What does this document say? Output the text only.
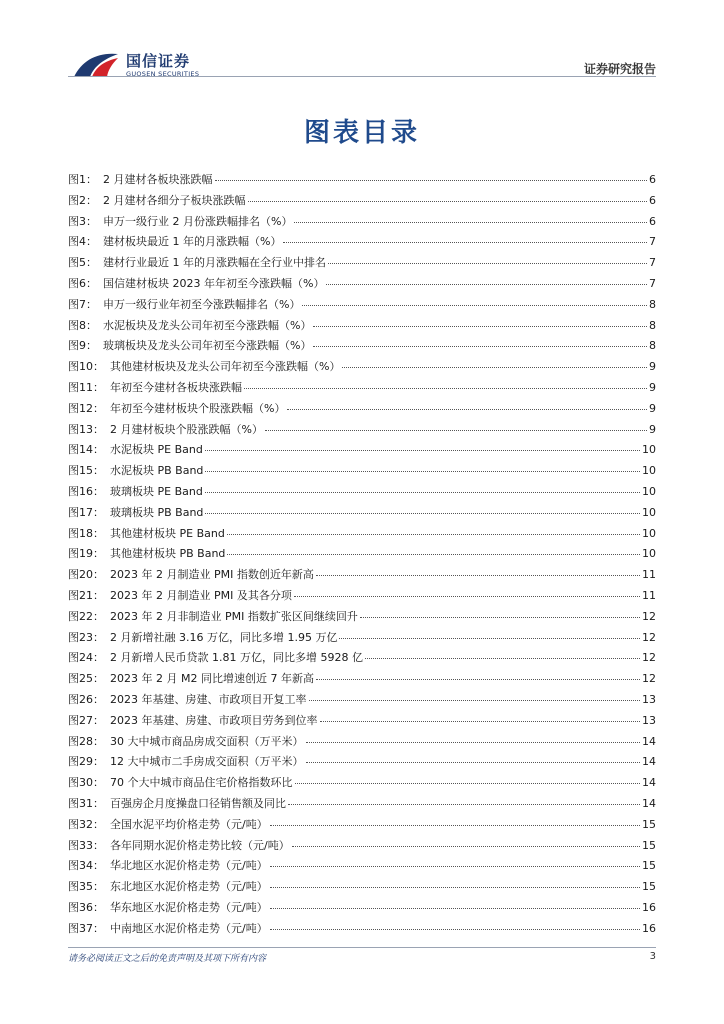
国信证券
GUOSEN SECURITIES	证券研究报告
图表目录
图1： 2 月建材各板块涨跌幅	6
图2： 2 月建材各细分子板块涨跌幅	6
图3： 申万一级行业 2 月份涨跌幅排名（%）	6
图4： 建材板块最近 1 年的月涨跌幅（%）	7
图5： 建材行业最近 1 年的月涨跌幅在全行业中排名	7
图6： 国信建材板块 2023 年年初至今涨跌幅（%）	7
图7： 申万一级行业年初至今涨跌幅排名（%）	8
图8： 水泥板块及龙头公司年初至今涨跌幅（%）	8
图9： 玻璃板块及龙头公司年初至今涨跌幅（%）	8
图10： 其他建材板块及龙头公司年初至今涨跌幅（%）	9
图11： 年初至今建材各板块涨跌幅	9
图12： 年初至今建材板块个股涨跌幅（%）	9
图13： 2 月建材板块个股涨跌幅（%）	9
图14： 水泥板块 PE Band	10
图15： 水泥板块 PB Band	10
图16： 玻璃板块 PE Band	10
图17： 玻璃板块 PB Band	10
图18： 其他建材板块 PE Band	10
图19： 其他建材板块 PB Band	10
图20： 2023 年 2 月制造业 PMI 指数创近年新高	11
图21： 2023 年 2 月制造业 PMI 及其各分项	11
图22： 2023 年 2 月非制造业 PMI 指数扩张区间继续回升	12
图23： 2 月新增社融 3.16 万亿，同比多增 1.95 万亿	12
图24： 2 月新增人民币贷款 1.81 万亿，同比多增 5928 亿	12
图25： 2023 年 2 月 M2 同比增速创近 7 年新高	12
图26： 2023 年基建、房建、市政项目开复工率	13
图27： 2023 年基建、房建、市政项目劳务到位率	13
图28： 30 大中城市商品房成交面积（万平米）	14
图29： 12 大中城市二手房成交面积（万平米）	14
图30： 70 个大中城市商品住宅价格指数环比	14
图31： 百强房企月度操盘口径销售额及同比	14
图32： 全国水泥平均价格走势（元/吨）	15
图33： 各年同期水泥价格走势比较（元/吨）	15
图34： 华北地区水泥价格走势（元/吨）	15
图35： 东北地区水泥价格走势（元/吨）	15
图36： 华东地区水泥价格走势（元/吨）	16
图37： 中南地区水泥价格走势（元/吨）	16
请务必阅读正文之后的免责声明及其项下所有内容	3
